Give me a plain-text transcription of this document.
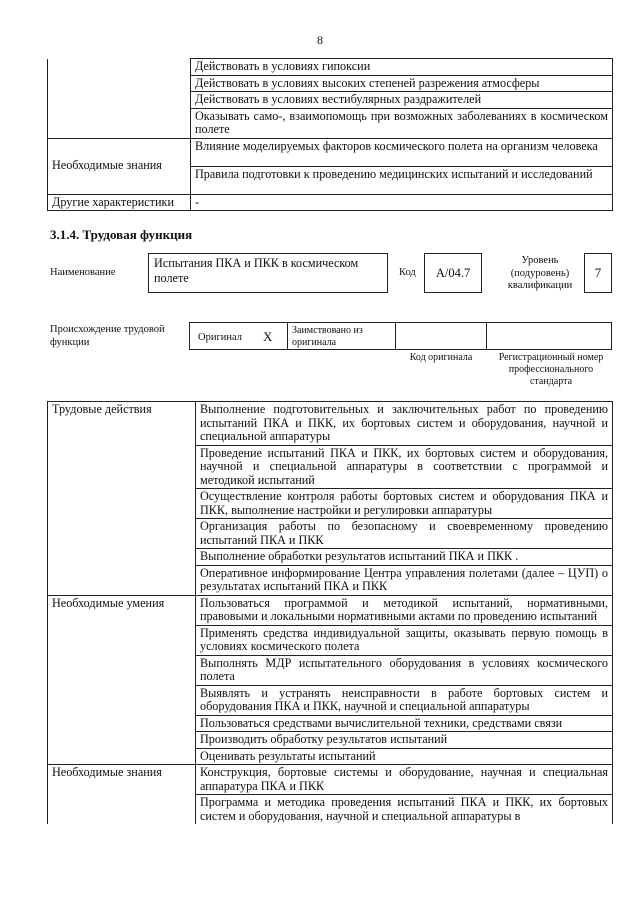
8
	Действовать в условиях гипоксии
	Действовать в условиях высоких степеней разрежения атмосферы
	Действовать в условиях вестибулярных раздражителей
	Оказывать само-, взаимопомощь при возможных заболеваниях в космическом полете
Необходимые знания	Влияние моделируемых факторов космического полета на организм человека
	Правила подготовки к проведению медицинских испытаний и исследований
Другие характеристики	-
3.1.4. Трудовая функция
Наименование
Испытания ПКА и ПКК в космическом полете	Код	A/04.7
Уровень (подуровень) квалификации
7
Происхождение трудовой функции	Оригинал X Заимствовано из оригинала
Код оригинала	Регистрационный номер профессионального стандарта
Трудовые действия	Выполнение подготовительных и заключительных работ по проведению испытаний ПКА и ПКК, их бортовых систем и оборудования, научной и специальной аппаратуры
	Проведение испытаний ПКА и ПКК, их бортовых систем и оборудования, научной и специальной аппаратуры в соответствии с программой и методикой испытаний
	Осуществление контроля работы бортовых систем и оборудования ПКА и ПКК, выполнение настройки и регулировки аппаратуры
	Организация работы по безопасному и своевременному проведению испытаний ПКА и ПКК
	Выполнение обработки результатов испытаний ПКА и ПКК .
	Оперативное информирование Центра управления полетами (далее – ЦУП) о результатах испытаний ПКА и ПКК
Необходимые умения	Пользоваться программой и методикой испытаний, нормативными, правовыми и локальными нормативными актами по проведению испытаний
	Применять средства индивидуальной защиты, оказывать первую помощь в условиях космического полета
	Выполнять МДР испытательного оборудования в условиях космического полета
	Выявлять и устранять неисправности в работе бортовых систем и оборудования ПКА и ПКК, научной и специальной аппаратуры
	Пользоваться средствами вычислительной техники, средствами связи
	Производить обработку результатов испытаний
	Оценивать результаты испытаний
Необходимые знания	Конструкция, бортовые системы и оборудование, научная и специальная аппаратура ПКА и ПКК
	Программа и методика проведения испытаний ПКА и ПКК, их бортовых систем и оборудования, научной и специальной аппаратуры в
